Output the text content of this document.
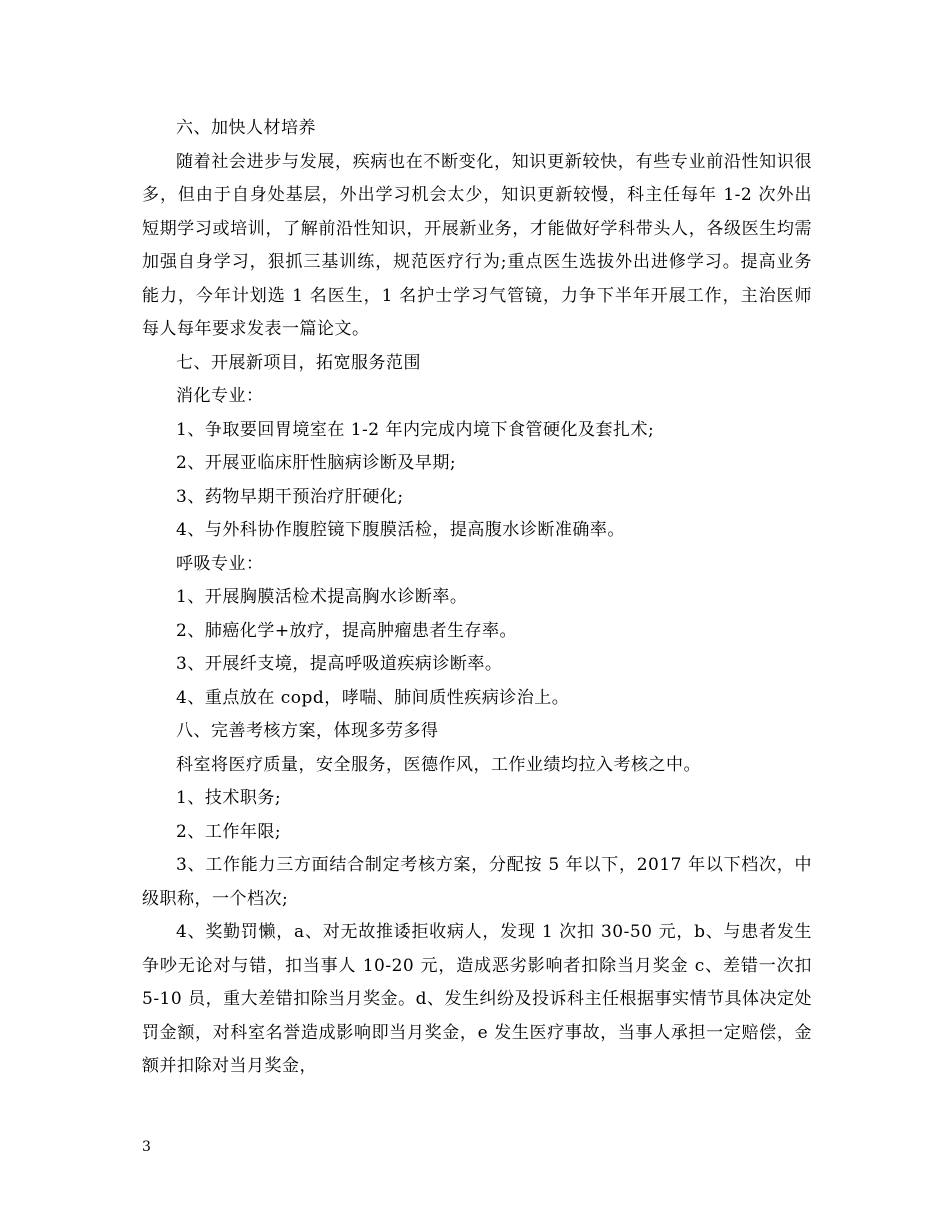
六、加快人材培养

随着社会进步与发展，疾病也在不断变化，知识更新较快，有些专业前沿性知识很多，但由于自身处基层，外出学习机会太少，知识更新较慢，科主任每年 1-2 次外出短期学习或培训，了解前沿性知识，开展新业务，才能做好学科带头人，各级医生均需加强自身学习，狠抓三基训练，规范医疗行为;重点医生选拔外出进修学习。提高业务能力，今年计划选 1 名医生，1 名护士学习气管镜，力争下半年开展工作，主治医师每人每年要求发表一篇论文。

七、开展新项目，拓宽服务范围

消化专业：

1、争取要回胃境室在 1-2 年内完成内境下食管硬化及套扎术;

2、开展亚临床肝性脑病诊断及早期;

3、药物早期干预治疗肝硬化;

4、与外科协作腹腔镜下腹膜活检，提高腹水诊断准确率。

呼吸专业：

1、开展胸膜活检术提高胸水诊断率。

2、肺癌化学+放疗，提高肿瘤患者生存率。

3、开展纤支境，提高呼吸道疾病诊断率。

4、重点放在 copd，哮喘、肺间质性疾病诊治上。

八、完善考核方案，体现多劳多得

科室将医疗质量，安全服务，医德作风，工作业绩均拉入考核之中。

1、技术职务;

2、工作年限;

3、工作能力三方面结合制定考核方案，分配按 5 年以下，2017 年以下档次，中级职称，一个档次;

4、奖勤罚懒，a、对无故推诿拒收病人，发现 1 次扣 30-50 元，b、与患者发生争吵无论对与错，扣当事人 10-20 元，造成恶劣影响者扣除当月奖金 c、差错一次扣 5-10 员，重大差错扣除当月奖金。d、发生纠纷及投诉科主任根据事实情节具体决定处罚金额，对科室名誉造成影响即当月奖金，e 发生医疗事故，当事人承担一定赔偿，金额并扣除对当月奖金，

3
